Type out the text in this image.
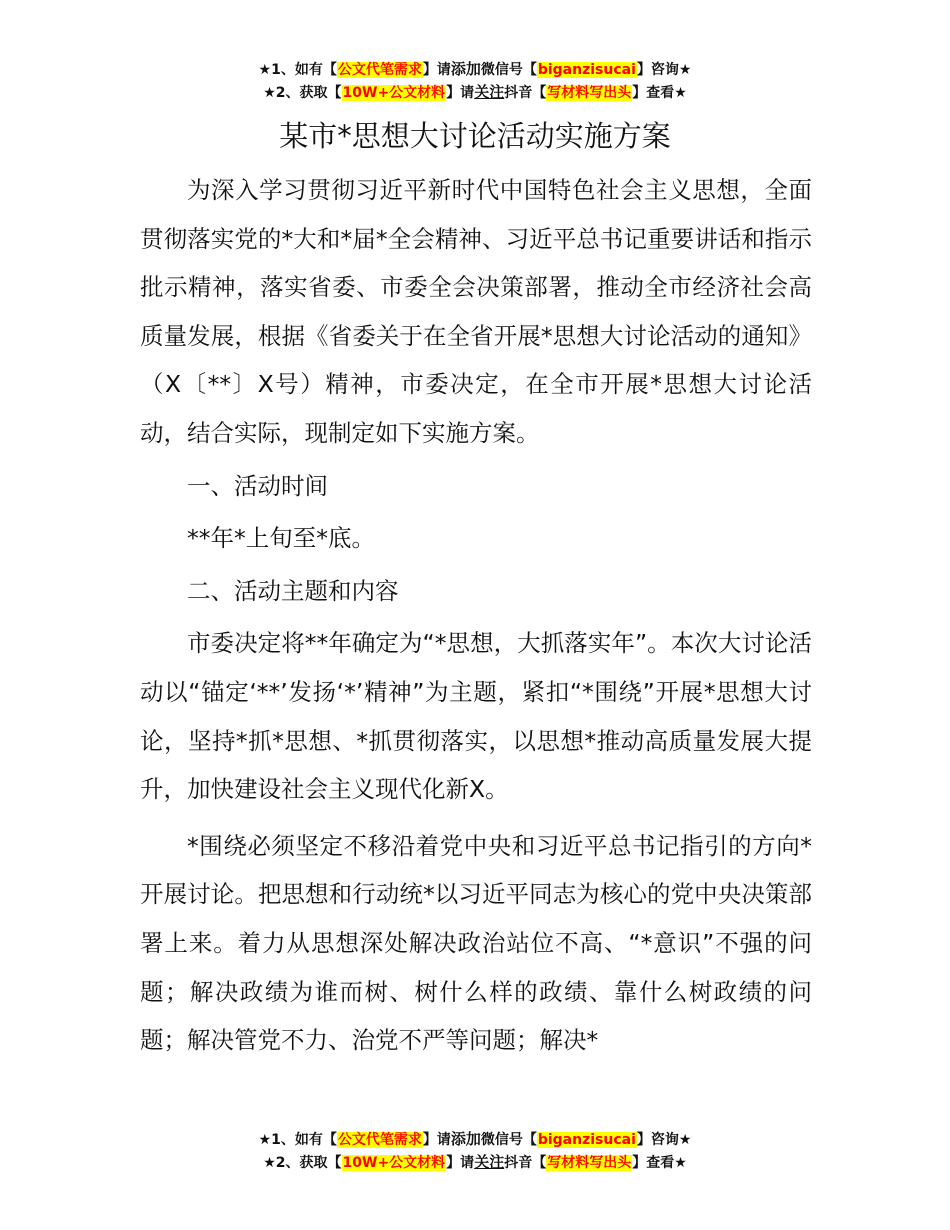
★1、如有【公文代笔需求】请添加微信号【biganzisucai】咨询★
★2、获取【10W+公文材料】请关注抖音【写材料写出头】查看★
某市*思想大讨论活动实施方案

为深入学习贯彻习近平新时代中国特色社会主义思想，全面贯彻落实党的*大和*届*全会精神、习近平总书记重要讲话和指示批示精神，落实省委、市委全会决策部署，推动全市经济社会高质量发展，根据《省委关于在全省开展*思想大讨论活动的通知》（X〔**〕X号）精神，市委决定，在全市开展*思想大讨论活动，结合实际，现制定如下实施方案。

一、活动时间

**年*上旬至*底。

二、活动主题和内容

市委决定将**年确定为“*思想，大抓落实年”。本次大讨论活动以“锚定‘**’发扬‘*’精神”为主题，紧扣“*围绕”开展*思想大讨论，坚持*抓*思想、*抓贯彻落实，以思想*推动高质量发展大提升，加快建设社会主义现代化新X。

*围绕必须坚定不移沿着党中央和习近平总书记指引的方向*开展讨论。把思想和行动统*以习近平同志为核心的党中央决策部署上来。着力从思想深处解决政治站位不高、“*意识”不强的问题；解决政绩为谁而树、树什么样的政绩、靠什么树政绩的问题；解决管党不力、治党不严等问题；解决*

★1、如有【公文代笔需求】请添加微信号【biganzisucai】咨询★
★2、获取【10W+公文材料】请关注抖音【写材料写出头】查看★
